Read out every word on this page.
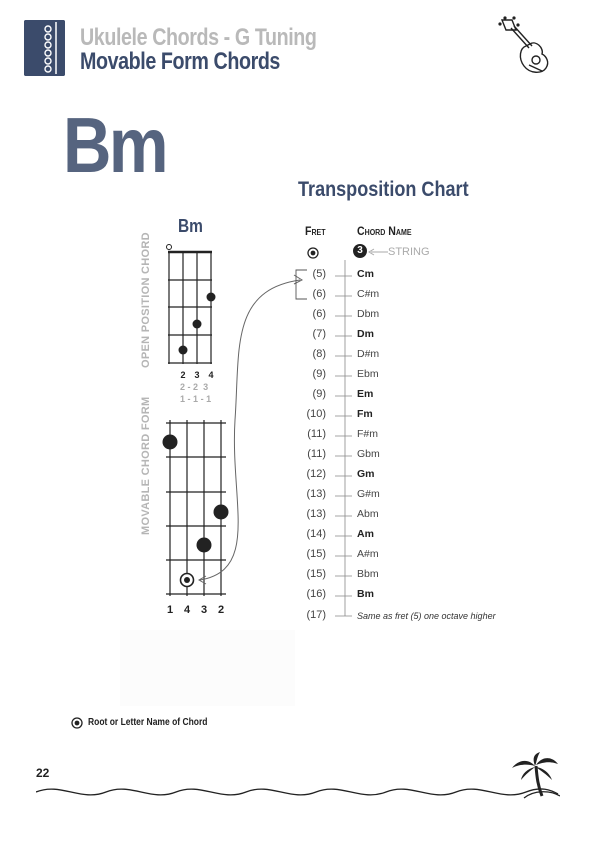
Ukulele Chords - G Tuning
Movable Form Chords
Bm
Transposition Chart
Bm
OPEN POSITION CHORD
MOVABLE CHORD FORM
2 3 4
2 - 2 3
1 - 1 - 1
1 4 3 2
Fret	Chord Name
3	STRING
(5)	Cm
(6)	C#m
(6)	Dbm
(7)	Dm
(8)	D#m
(9)	Ebm
(9)	Em
(10)	Fm
(11)	F#m
(11)	Gbm
(12)	Gm
(13)	G#m
(13)	Abm
(14)	Am
(15)	A#m
(15)	Bbm
(16)	Bm
(17)	Same as fret (5) one octave higher
Root or Letter Name of Chord
22
